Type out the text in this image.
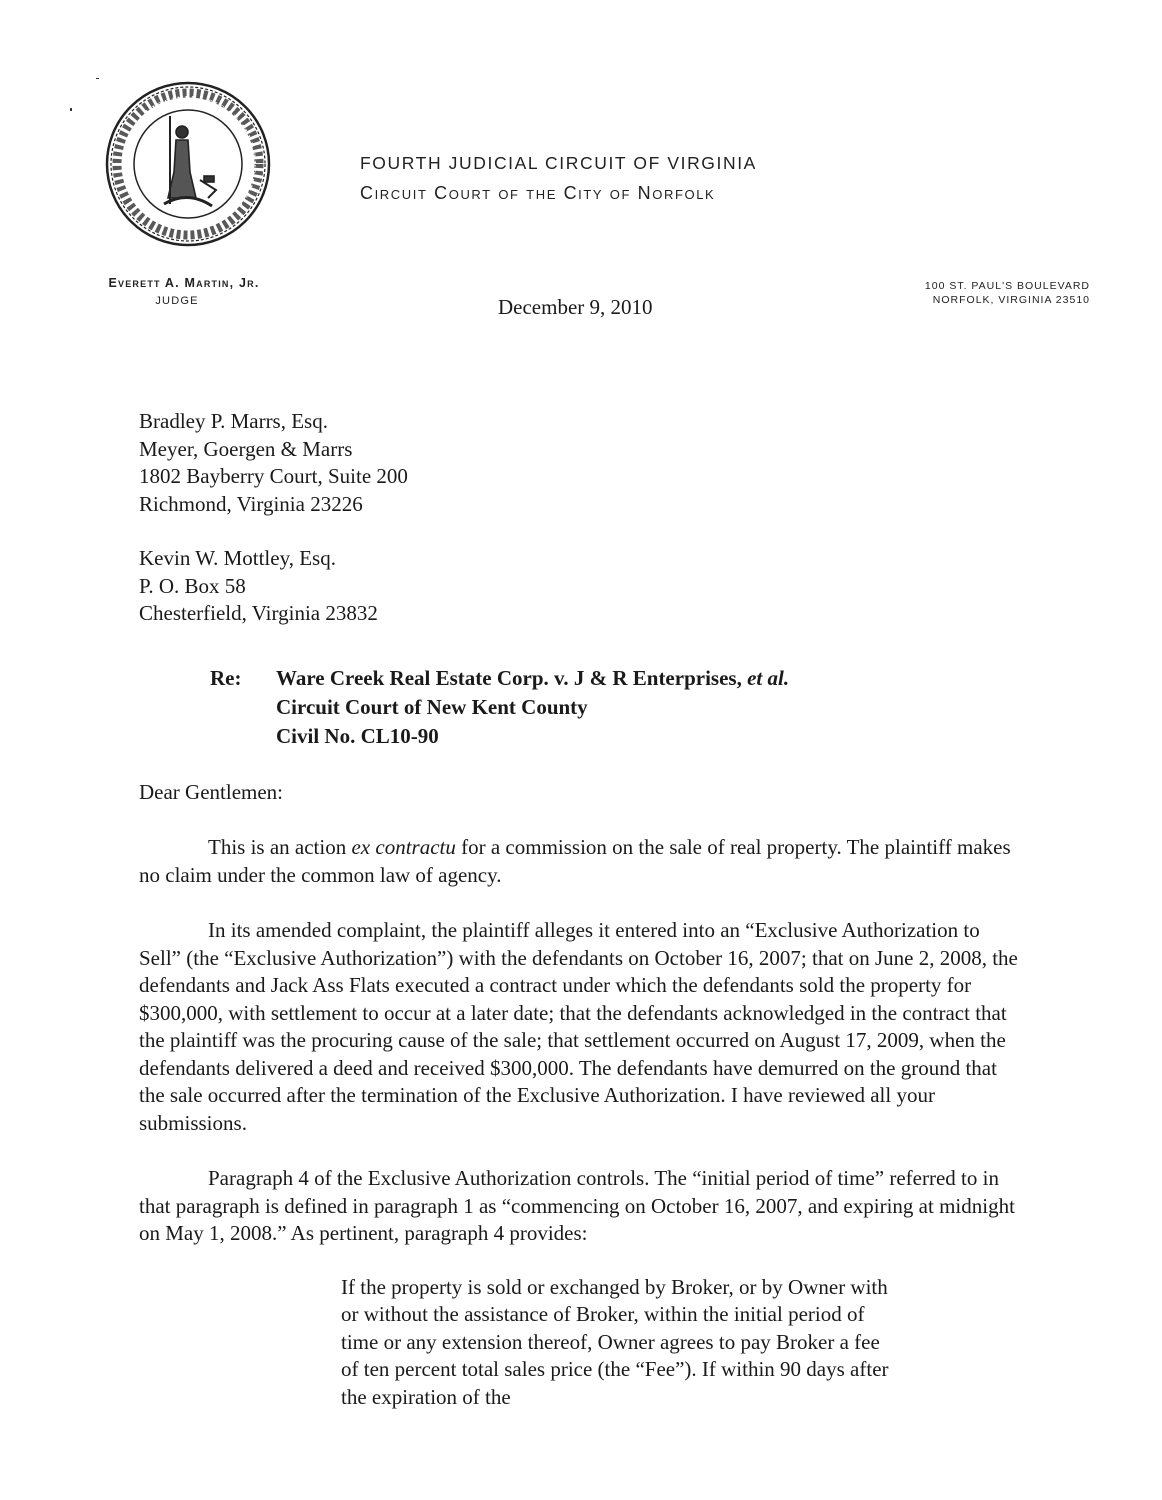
VIRGINIA · SIC SEMPER TYRANNIS
FOURTH JUDICIAL CIRCUIT OF VIRGINIA
Circuit Court of the City of Norfolk
Everett A. Martin, Jr.
JUDGE
100 ST. PAUL'S BOULEVARD
NORFOLK, VIRGINIA 23510
December 9, 2010
Bradley P. Marrs, Esq.
Meyer, Goergen & Marrs
1802 Bayberry Court, Suite 200
Richmond, Virginia 23226
Kevin W. Mottley, Esq.
P. O. Box 58
Chesterfield, Virginia 23832
Re:	Ware Creek Real Estate Corp. v. J & R Enterprises, et al.
Circuit Court of New Kent County
Civil No. CL10-90
Dear Gentlemen:

This is an action ex contractu for a commission on the sale of real property. The plaintiff makes no claim under the common law of agency.

In its amended complaint, the plaintiff alleges it entered into an “Exclusive Authorization to Sell” (the “Exclusive Authorization”) with the defendants on October 16, 2007; that on June 2, 2008, the defendants and Jack Ass Flats executed a contract under which the defendants sold the property for $300,000, with settlement to occur at a later date; that the defendants acknowledged in the contract that the plaintiff was the procuring cause of the sale; that settlement occurred on August 17, 2009, when the defendants delivered a deed and received $300,000. The defendants have demurred on the ground that the sale occurred after the termination of the Exclusive Authorization. I have reviewed all your submissions.

Paragraph 4 of the Exclusive Authorization controls. The “initial period of time” referred to in that paragraph is defined in paragraph 1 as “commencing on October 16, 2007, and expiring at midnight on May 1, 2008.” As pertinent, paragraph 4 provides:

If the property is sold or exchanged by Broker, or by Owner with or without the assistance of Broker, within the initial period of time or any extension thereof, Owner agrees to pay Broker a fee of ten percent total sales price (the “Fee”). If within 90 days after the expiration of the
